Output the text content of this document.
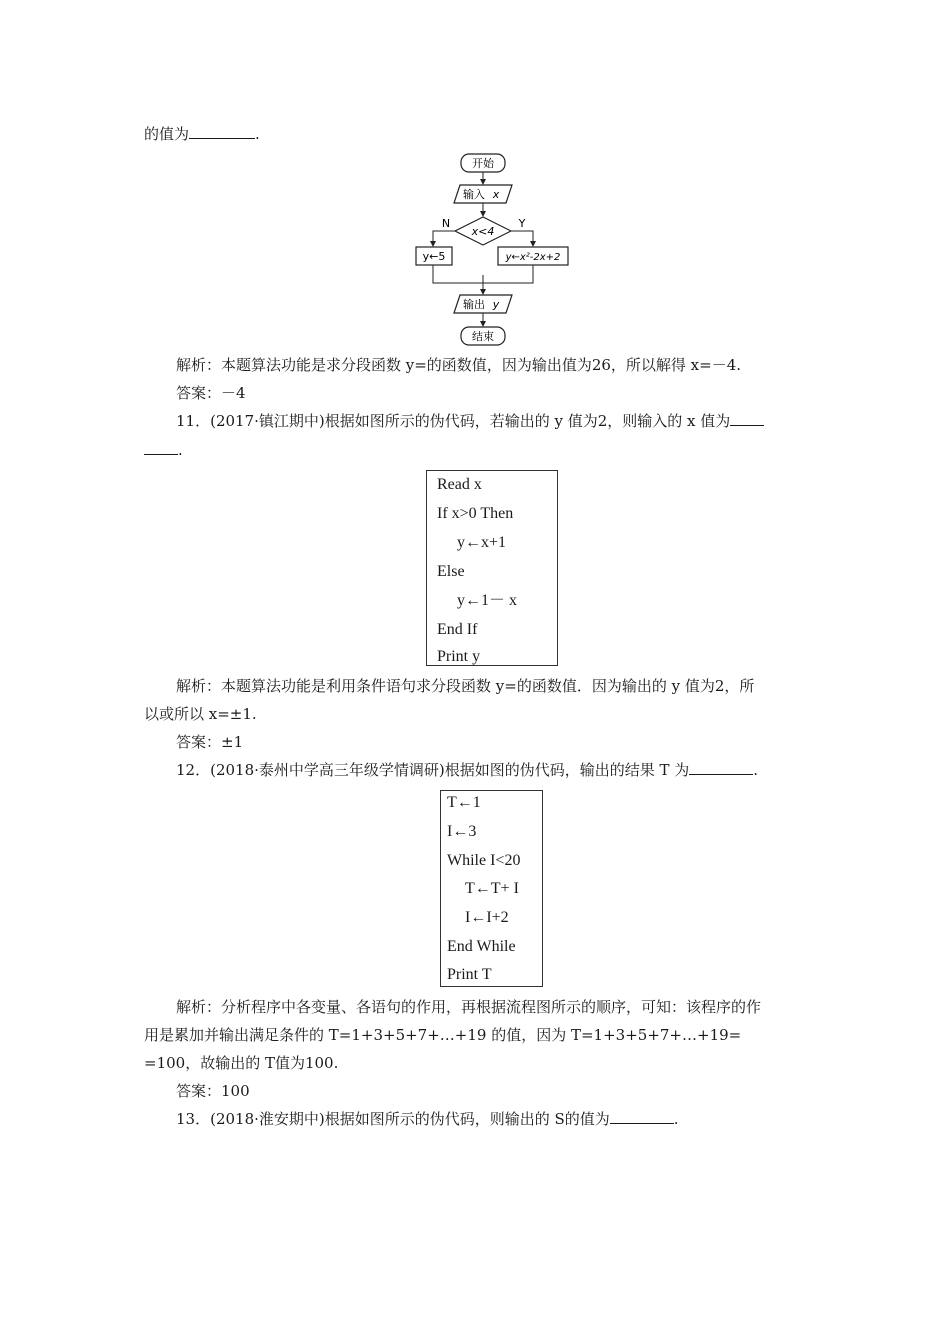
的值为	.
开始
输入 x
x<4
N	Y
y←5	y←x²-2x+2
输出 y
结束
解析：本题算法功能是求分段函数 y=的函数值，因为输出值为26，所以解得 x=－4.
答案：－4
11．(2017·镇江期中)根据如图所示的伪代码，若输出的 y 值为2，则输入的 x 值为
.
Read x
If x>0 Then
y←x+1
Else
y←1－ x
End If
Print y
解析：本题算法功能是利用条件语句求分段函数 y=的函数值．因为输出的 y 值为2，所
以或所以 x=±1.
答案：±1
12．(2018·泰州中学高三年级学情调研)根据如图的伪代码，输出的结果 T 为	.
T←1
I←3
While I<20
T←T+ I
I←I+2
End While
Print T
解析：分析程序中各变量、各语句的作用，再根据流程图所示的顺序，可知：该程序的作
用是累加并输出满足条件的 T=1+3+5+7+…+19 的值，因为 T=1+3+5+7+…+19=
=100，故输出的 T值为100.
答案：100
13．(2018·淮安期中)根据如图所示的伪代码，则输出的 S的值为	.
